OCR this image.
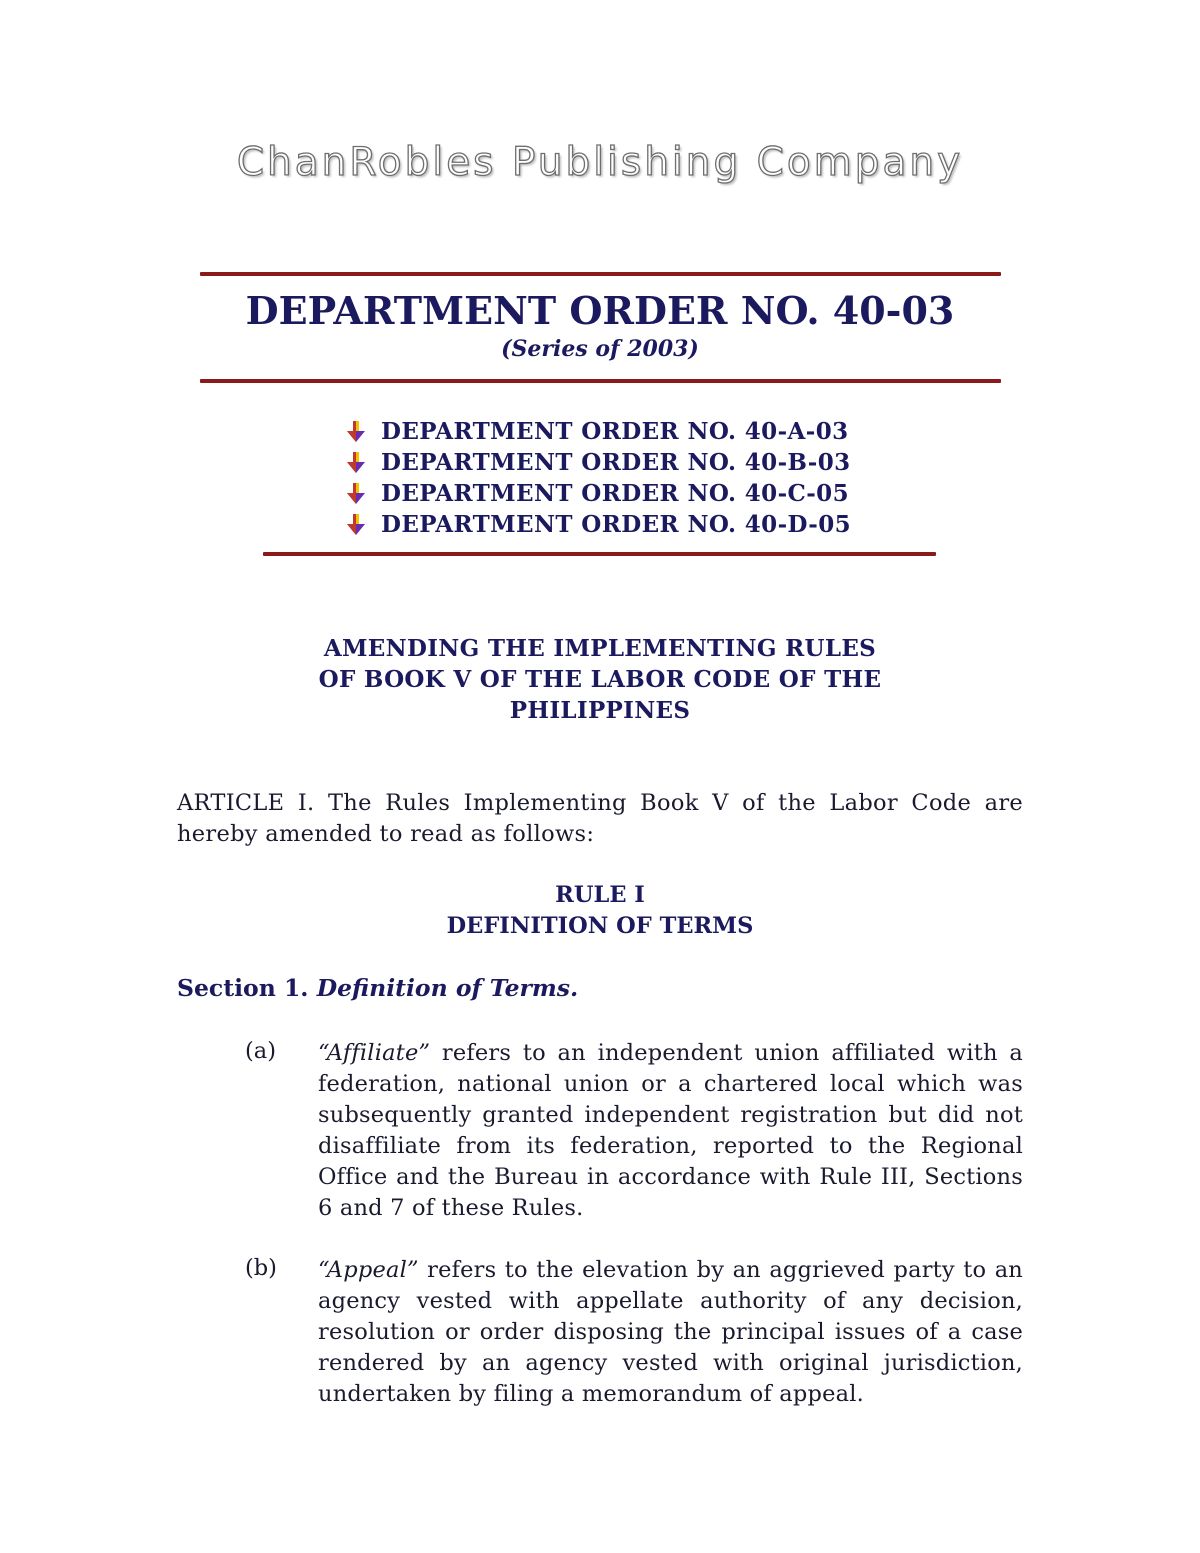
ChanRobles Publishing Company
DEPARTMENT ORDER NO. 40-03
(Series of 2003)
DEPARTMENT ORDER NO. 40-A-03
DEPARTMENT ORDER NO. 40-B-03
DEPARTMENT ORDER NO. 40-C-05
DEPARTMENT ORDER NO. 40-D-05
AMENDING THE IMPLEMENTING RULES
OF BOOK V OF THE LABOR CODE OF THE
PHILIPPINES
ARTICLE I. The Rules Implementing Book V of the Labor Code are hereby amended to read as follows:
RULE I
DEFINITION OF TERMS
Section 1. Definition of Terms.
(a) “Affiliate” refers to an independent union affiliated with a federation, national union or a chartered local which was subsequently granted independent registration but did not disaffiliate from its federation, reported to the Regional Office and the Bureau in accordance with Rule III, Sections 6 and 7 of these Rules.
(b) “Appeal” refers to the elevation by an aggrieved party to an agency vested with appellate authority of any decision, resolution or order disposing the principal issues of a case rendered by an agency vested with original jurisdiction, undertaken by filing a memorandum of appeal.
